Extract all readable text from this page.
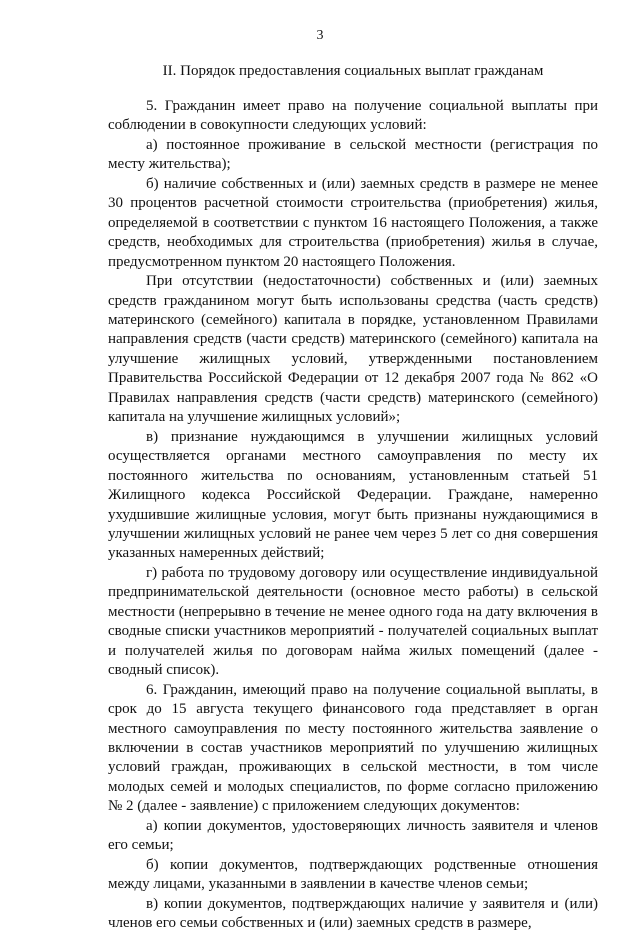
3
II. Порядок предоставления социальных выплат гражданам

5. Гражданин имеет право на получение социальной выплаты при соблюдении в совокупности следующих условий:

а) постоянное проживание в сельской местности (регистрация по месту жительства);

б) наличие собственных и (или) заемных средств в размере не менее 30 процентов расчетной стоимости строительства (приобретения) жилья, определяемой в соответствии с пунктом 16 настоящего Положения, а также средств, необходимых для строительства (приобретения) жилья в случае, предусмотренном пунктом 20 настоящего Положения.

При отсутствии (недостаточности) собственных и (или) заемных средств гражданином могут быть использованы средства (часть средств) материнского (семейного) капитала в порядке, установленном Правилами направления средств (части средств) материнского (семейного) капитала на улучшение жилищных условий, утвержденными постановлением Правительства Российской Федерации от 12 декабря 2007 года № 862 «О Правилах направления средств (части средств) материнского (семейного) капитала на улучшение жилищных условий»;

в) признание нуждающимся в улучшении жилищных условий осуществляется органами местного самоуправления по месту их постоянного жительства по основаниям, установленным статьей 51 Жилищного кодекса Российской Федерации. Граждане, намеренно ухудшившие жилищные условия, могут быть признаны нуждающимися в улучшении жилищных условий не ранее чем через 5 лет со дня совершения указанных намеренных действий;

г) работа по трудовому договору или осуществление индивидуальной предпринимательской деятельности (основное место работы) в сельской местности (непрерывно в течение не менее одного года на дату включения в сводные списки участников мероприятий - получателей социальных выплат и получателей жилья по договорам найма жилых помещений (далее - сводный список).

6. Гражданин, имеющий право на получение социальной выплаты, в срок до 15 августа текущего финансового года представляет в орган местного самоуправления по месту постоянного жительства заявление о включении в состав участников мероприятий по улучшению жилищных условий граждан, проживающих в сельской местности, в том числе молодых семей и молодых специалистов, по форме согласно приложению № 2 (далее - заявление) с приложением следующих документов:

а) копии документов, удостоверяющих личность заявителя и членов его семьи;

б) копии документов, подтверждающих родственные отношения между лицами, указанными в заявлении в качестве членов семьи;

в) копии документов, подтверждающих наличие у заявителя и (или) членов его семьи собственных и (или) заемных средств в размере,
